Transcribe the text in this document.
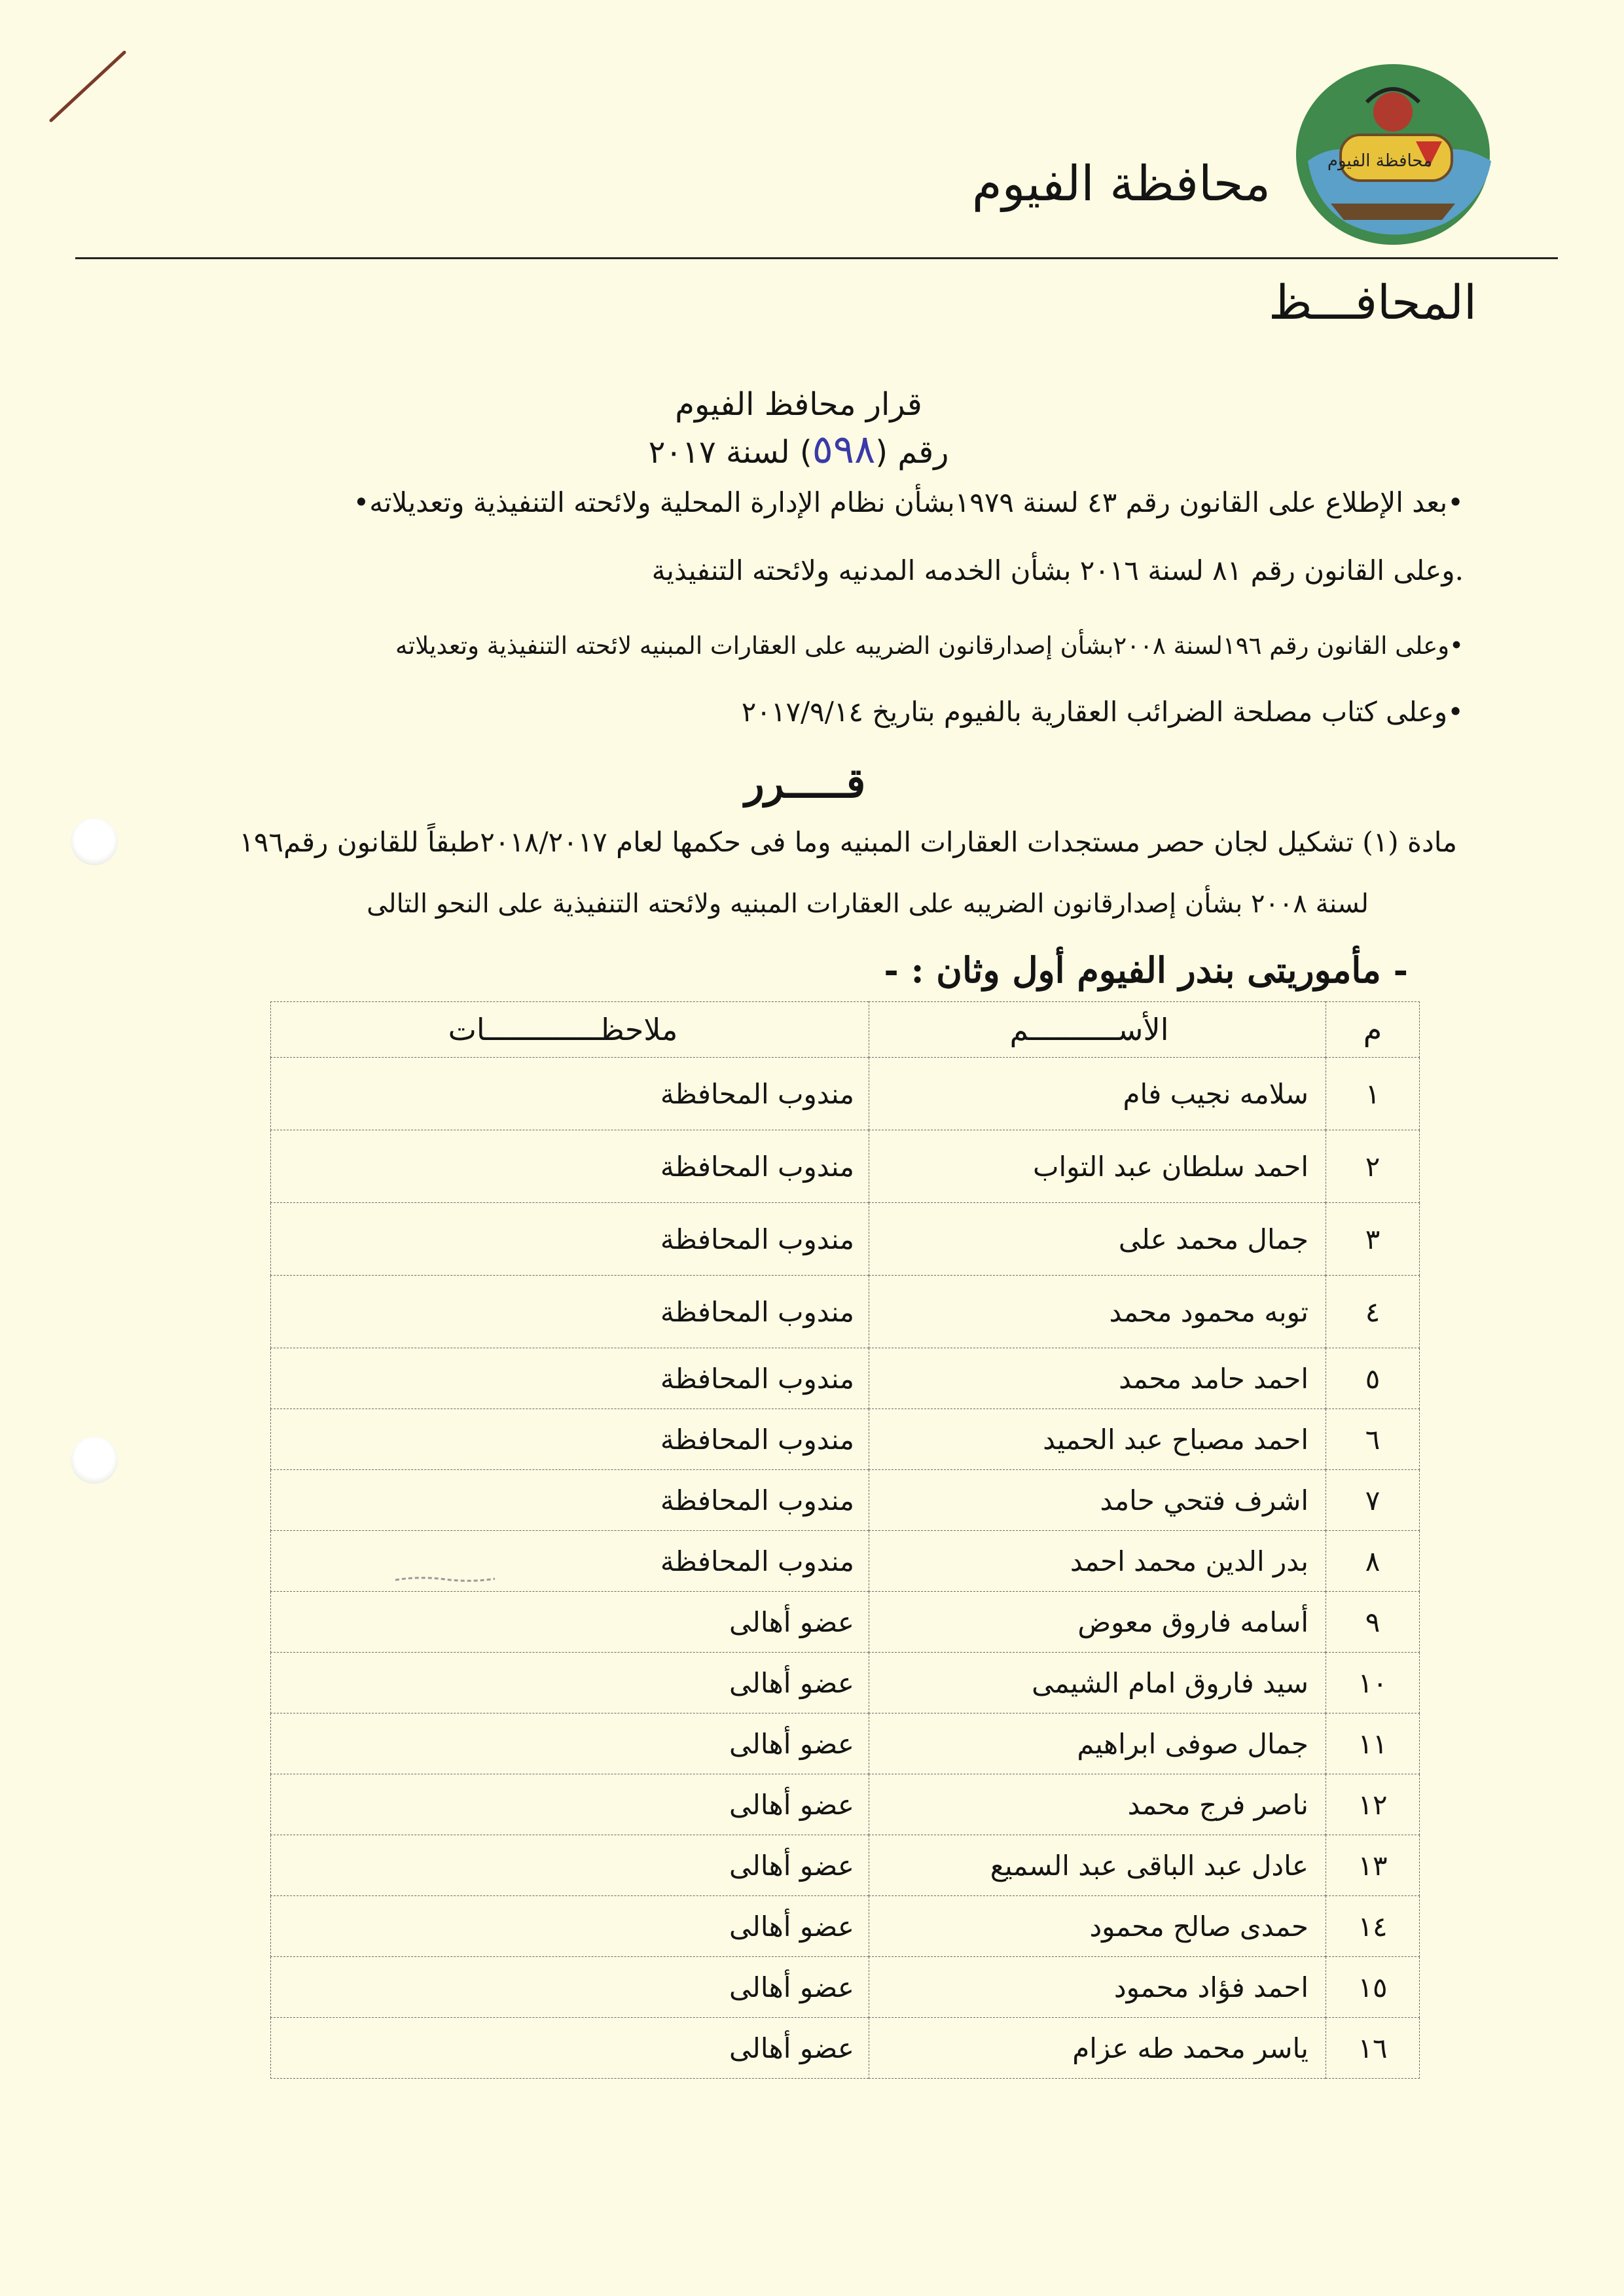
محافظة الفيوم
محافظة الفيوم
المحافـــظ
قرار محافظ الفيوم
رقم (٥٩٨) لسنة ٢٠١٧
•بعد الإطلاع على القانون رقم ٤٣ لسنة ١٩٧٩بشأن نظام الإدارة المحلية ولائحته التنفيذية وتعديلاته•
.وعلى القانون رقم ٨١ لسنة ٢٠١٦ بشأن الخدمه المدنيه ولائحته التنفيذية
•وعلى القانون رقم ١٩٦لسنة ٢٠٠٨بشأن إصدارقانون الضريبه على العقارات المبنيه لائحته التنفيذية وتعديلاته
•وعلى كتاب مصلحة الضرائب العقارية بالفيوم بتاريخ ٢٠١٧/٩/١٤
قـــــرر
مادة (١) تشكيل لجان حصر مستجدات العقارات المبنيه وما فى حكمها لعام ٢٠١٨/٢٠١٧طبقاً للقانون رقم١٩٦
لسنة ٢٠٠٨ بشأن إصدارقانون الضريبه على العقارات المبنيه ولائحته التنفيذية على النحو التالى
- مأموريتى بندر الفيوم أول وثان : -
م	الأســــــــــم	ملاحظـــــــــــــات
١	سلامه نجيب فام	مندوب المحافظة
٢	احمد سلطان عبد التواب	مندوب المحافظة
٣	جمال محمد على	مندوب المحافظة
٤	توبه محمود محمد	مندوب المحافظة
٥	احمد حامد محمد	مندوب المحافظة
٦	احمد مصباح عبد الحميد	مندوب المحافظة
٧	اشرف فتحي حامد	مندوب المحافظة
٨	بدر الدين محمد احمد	مندوب المحافظة
٩	أسامه فاروق معوض	عضو أهالى
١٠	سيد فاروق امام الشيمى	عضو أهالى
١١	جمال صوفى ابراهيم	عضو أهالى
١٢	ناصر فرج محمد	عضو أهالى
١٣	عادل عبد الباقى عبد السميع	عضو أهالى
١٤	حمدى صالح محمود	عضو أهالى
١٥	احمد فؤاد محمود	عضو أهالى
١٦	ياسر محمد طه عزام	عضو أهالى
